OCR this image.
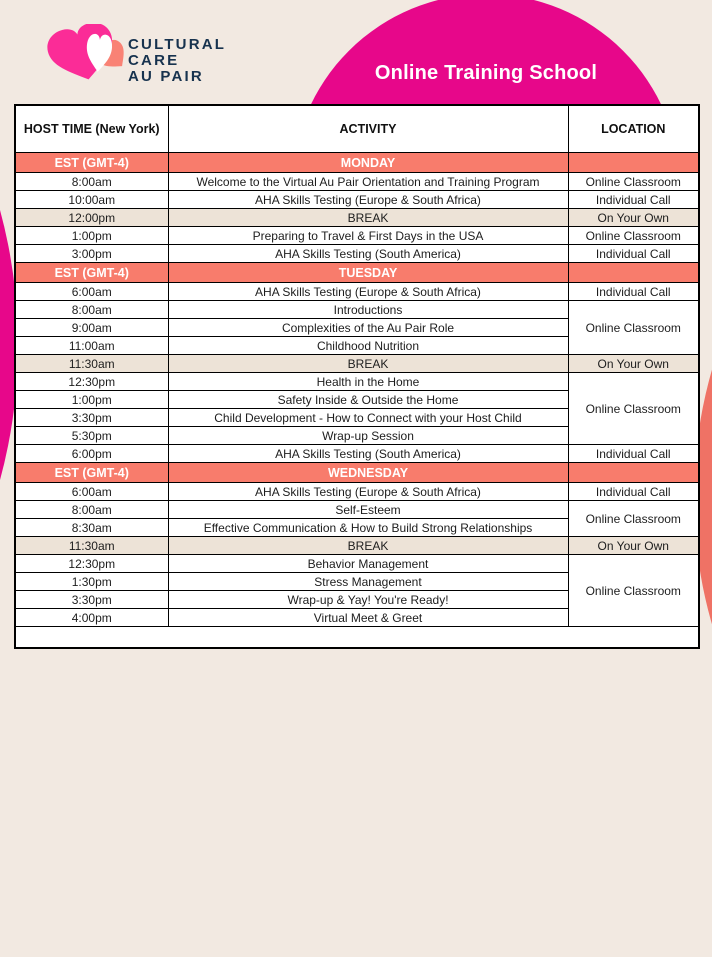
Online Training School
CULTURAL
CARE
AU PAIR
HOST TIME (New York)	ACTIVITY	LOCATION
EST (GMT-4)	MONDAY	
8:00am	Welcome to the Virtual Au Pair Orientation and Training Program	Online Classroom
10:00am	AHA Skills Testing (Europe & South Africa)	Individual Call
12:00pm	BREAK	On Your Own
1:00pm	Preparing to Travel & First Days in the USA	Online Classroom
3:00pm	AHA Skills Testing (South America)	Individual Call
EST (GMT-4)	TUESDAY	
6:00am	AHA Skills Testing (Europe & South Africa)	Individual Call
8:00am	Introductions	Online Classroom
9:00am	Complexities of the Au Pair Role	
11:00am	Childhood Nutrition	
11:30am	BREAK	On Your Own
12:30pm	Health in the Home	Online Classroom
1:00pm	Safety Inside & Outside the Home	
3:30pm	Child Development - How to Connect with your Host Child	
5:30pm	Wrap-up Session	
6:00pm	AHA Skills Testing (South America)	Individual Call
EST (GMT-4)	WEDNESDAY	
6:00am	AHA Skills Testing (Europe & South Africa)	Individual Call
8:00am	Self-Esteem	Online Classroom
8:30am	Effective Communication & How to Build Strong Relationships	
11:30am	BREAK	On Your Own
12:30pm	Behavior Management	Online Classroom
1:30pm	Stress Management	
3:30pm	Wrap-up & Yay! You're Ready!	
4:00pm	Virtual Meet & Greet	
